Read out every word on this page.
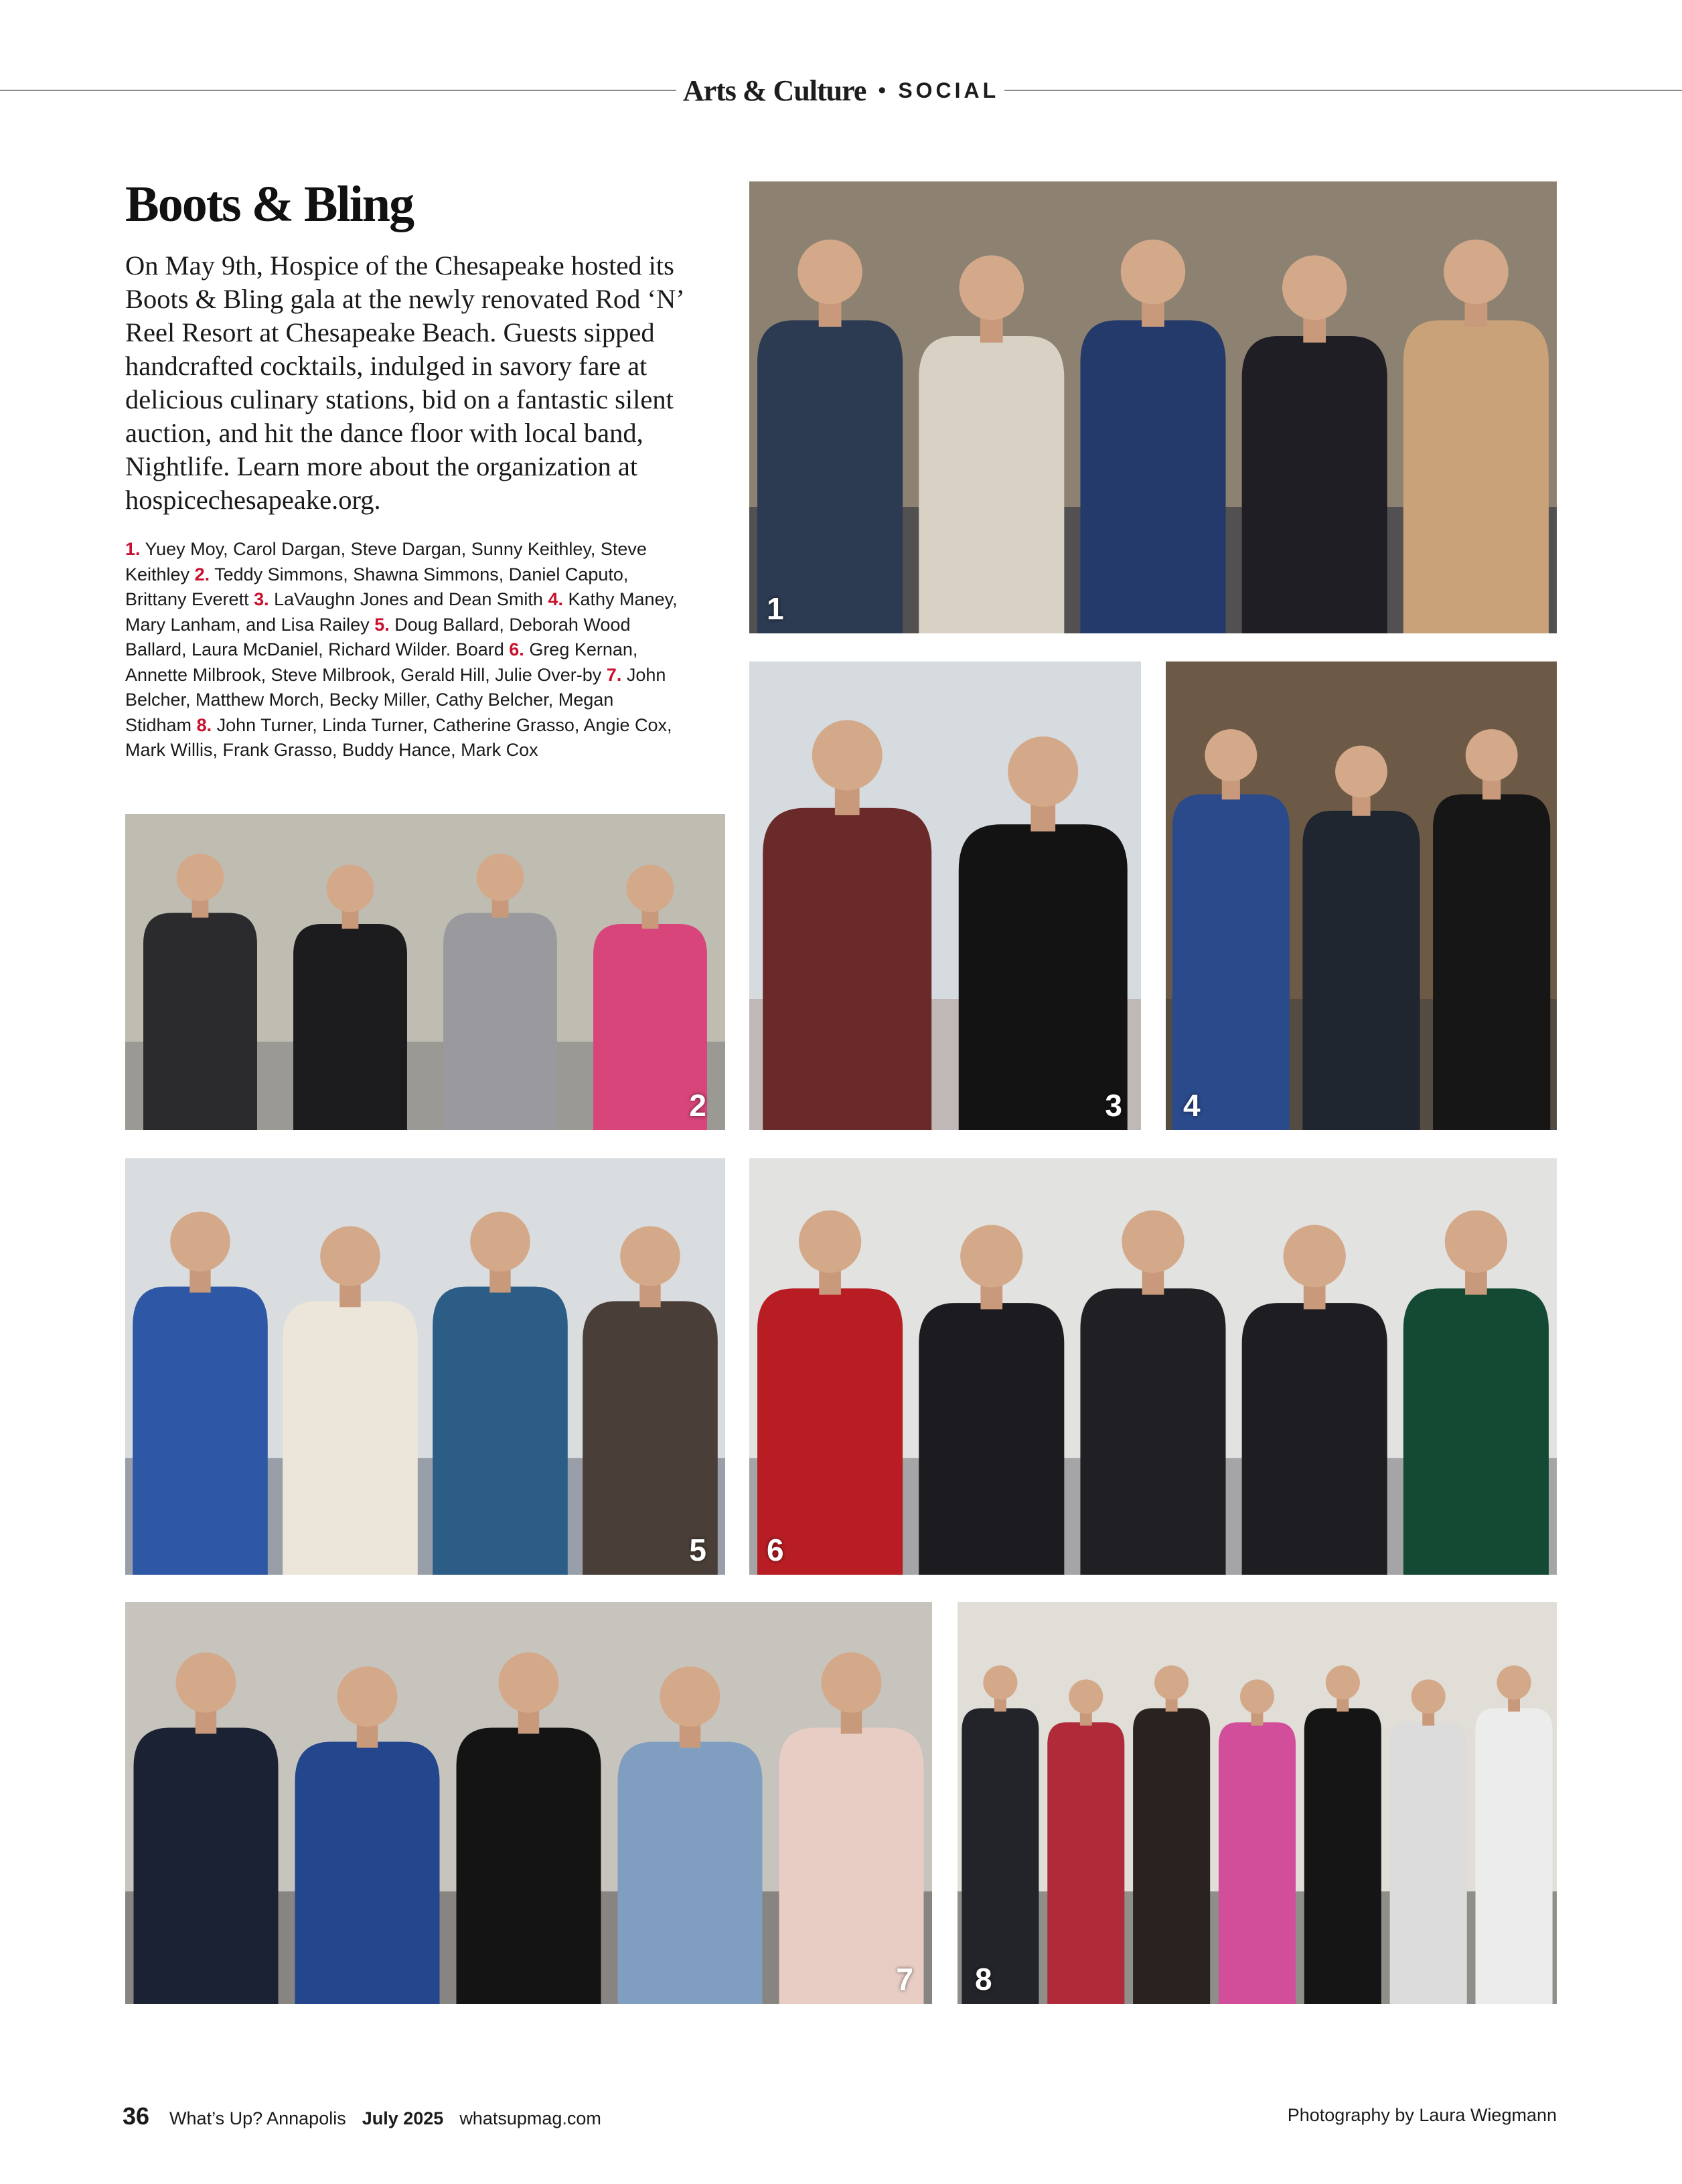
Arts & Culture • SOCIAL
Boots & Bling

On May 9th, Hospice of the Chesapeake hosted its Boots & Bling gala at the newly renovated Rod ‘N’ Reel Resort at Chesapeake Beach. Guests sipped handcrafted cocktails, indulged in savory fare at delicious culinary stations, bid on a fantastic silent auction, and hit the dance floor with local band, Nightlife. Learn more about the organization at hospicechesapeake.org.

1. Yuey Moy, Carol Dargan, Steve Dargan, Sunny Keithley, Steve Keithley 2. Teddy Simmons, Shawna Simmons, Daniel Caputo, Brittany Everett 3. LaVaughn Jones and Dean Smith 4. Kathy Maney, Mary Lanham, and Lisa Railey 5. Doug Ballard, Deborah Wood Ballard, Laura McDaniel, Richard Wilder. Board 6. Greg Kernan, Annette Milbrook, Steve Milbrook, Gerald Hill, Julie Over-by 7. John Belcher, Matthew Morch, Becky Miller, Cathy Belcher, Megan Stidham 8. John Turner, Linda Turner, Catherine Grasso, Angie Cox, Mark Willis, Frank Grasso, Buddy Hance, Mark Cox

1
2	3 4
5 6
7 8
36 What’s Up? Annapolis July 2025 whatsupmag.com	Photography by Laura Wiegmann
